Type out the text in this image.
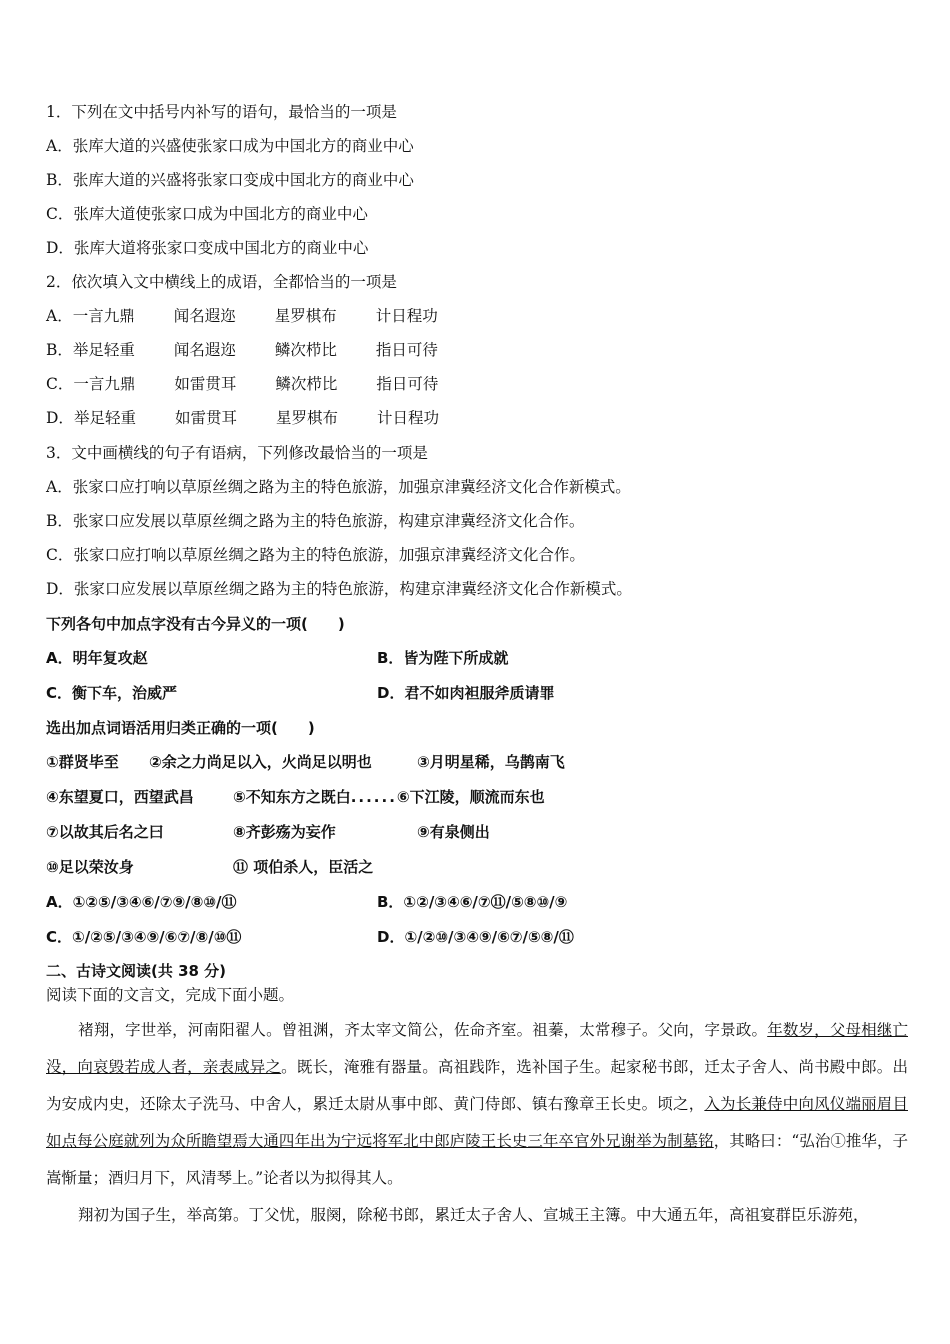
1．下列在文中括号内补写的语句，最恰当的一项是
A．张库大道的兴盛使张家口成为中国北方的商业中心
B．张库大道的兴盛将张家口变成中国北方的商业中心
C．张库大道使张家口成为中国北方的商业中心
D．张库大道将张家口变成中国北方的商业中心
2．依次填入文中横线上的成语，全都恰当的一项是
A．一言九鼎	闻名遐迩	星罗棋布	计日程功
B．举足轻重	闻名遐迩	鳞次栉比	指日可待
C．一言九鼎	如雷贯耳	鳞次栉比	指日可待
D．举足轻重	如雷贯耳	星罗棋布	计日程功
3．文中画横线的句子有语病，下列修改最恰当的一项是
A．张家口应打响以草原丝绸之路为主的特色旅游，加强京津冀经济文化合作新模式。
B．张家口应发展以草原丝绸之路为主的特色旅游，构建京津冀经济文化合作。
C．张家口应打响以草原丝绸之路为主的特色旅游，加强京津冀经济文化合作。
D．张家口应发展以草原丝绸之路为主的特色旅游，构建京津冀经济文化合作新模式。
下列各句中加点字没有古今异义的一项(　　)
A．明年复攻赵	B．皆为陛下所成就
C．衡下车，治威严	D．君不如肉袒服斧质请罪
选出加点词语活用归类正确的一项(　　)
①群贤毕至 ②余之力尚足以入，火尚足以明也	③月明星稀，乌鹊南飞
④东望夏口，西望武昌	⑤不知东方之既白......⑥下江陵，顺流而东也
⑦以故其后名之曰	⑧齐彭殇为妄作	⑨有泉侧出
⑩足以荣汝身	⑪ 项伯杀人，臣活之
A．①②⑤/③④⑥/⑦⑨/⑧⑩/⑪	B．①②/③④⑥/⑦⑪/⑤⑧⑩/⑨
C．①/②⑤/③④⑨/⑥⑦/⑧/⑩⑪	D．①/②⑩/③④⑨/⑥⑦/⑤⑧/⑪
二、古诗文阅读(共 38 分)
阅读下面的文言文，完成下面小题。
褚翔，字世举，河南阳翟人。曾祖渊，齐太宰文简公，佐命齐室。祖蓁，太常穆子。父向，字景政。年数岁，父母相继亡没，向哀毁若成人者，亲表咸异之。既长，淹雅有器量。高祖践阼，选补国子生。起家秘书郎，迁太子舍人、尚书殿中郎。出为安成内史，还除太子洗马、中舍人，累迁太尉从事中郎、黄门侍郎、镇右豫章王长史。顷之，入为长兼侍中向风仪端丽眉目如点每公庭就列为众所瞻望焉大通四年出为宁远将军北中郎庐陵王长史三年卒官外兄谢举为制墓铭，其略曰：“弘治①推华，子嵩惭量；酒归月下，风清琴上。”论者以为拟得其人。
翔初为国子生，举高第。丁父忧，服阕，除秘书郎，累迁太子舍人、宣城王主簿。中大通五年，高祖宴群臣乐游苑，
